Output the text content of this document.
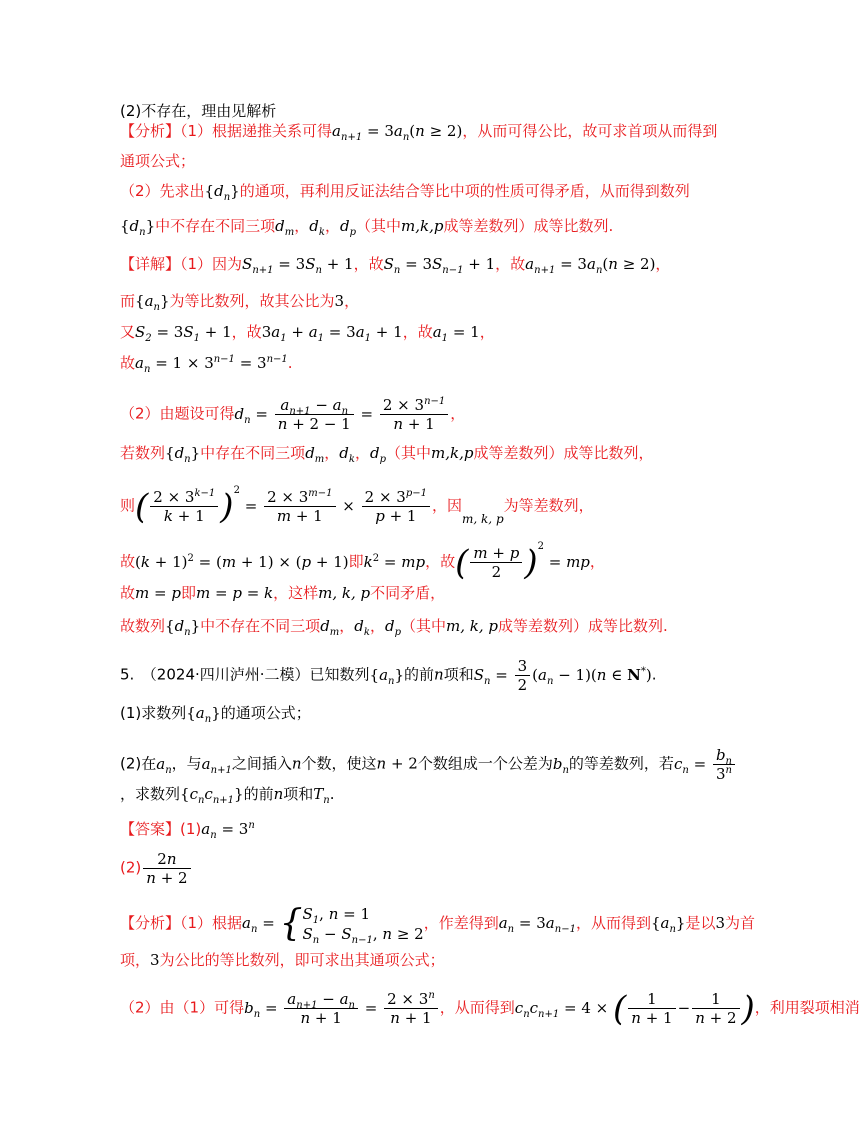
(2)不存在，理由见解析
【分析】（1）根据递推关系可得$a_{n+1} = 3a_n(n \ge 2)$，从而可得公比，故可求首项从而得到
通项公式；
（2）先求出$\{d_n\}$的通项，再利用反证法结合等比中项的性质可得矛盾，从而得到数列
$\{d_n\}$中不存在不同三项$d_m$，$d_k$，$d_p$（其中m,k,p成等差数列）成等比数列.
【详解】（1）因为$S_{n+1} = 3S_n + 1$，故$S_n = 3S_{n-1} + 1$，故$a_{n+1} = 3a_n(n \ge 2)$，
而$\{a_n\}$为等比数列，故其公比为3，
又$S_2 = 3S_1 + 1$，故$3a_1 + a_1 = 3a_1 + 1$，故$a_1 = 1$，
故$a_n = 1 \times 3^{n-1} = 3^{n-1}$.
（2）由题设可得$d_n = \frac{a_{n+1} - a_n}{n + 2 - 1} = \frac{2 \times 3^{n-1}}{n + 1}$ ，
若数列$\{d_n\}$中存在不同三项$d_m$，$d_k$，$d_p$（其中m,k,p成等差数列）成等比数列，
则( $\frac{2 \times 3^{k-1}}{k + 1} )^2 = \frac{2 \times 3^{m-1}}{m + 1} \times \frac{2 \times 3^{p-1}}{p + 1}$ ，因$_{m, k, p}$为等差数列，
故$(k + 1)^2 = (m + 1) \times (p + 1)$即$k^2$ = mp，故( $\frac{m + p}{2} )^2$ = mp，
故m = p即m = p = k，这样m, k, p不同矛盾，
故数列$\{d_n\}$中不存在不同三项$d_m$，$d_k$，$d_p$（其中m, k, p成等差数列）成等比数列.
5.　（2024·四川泸州·二模）已知数列$\{a_n\}$的前n项和$S_n = \frac{3}{2} (a_n - 1)(n$ ∈ N*).
(1)求数列$\{a_n\}$的通项公式；
(2)在$a_n$，与$a_{n+1}$之间插入n个数，使这n + 2个数组成一个公差为$b_n$的等差数列，若$c_n = \frac{b_n}{3^n}$
，求数列$\{c_nc_{n+1}\}$的前n项和$T_n$.
【答案】$(1)a_n = 3^n$
$(2) \frac{2n}{n + 2}$
【分析】（1）根据$a_n$ = { $S_1$, n = 1
$S_n - S_{n-1}$, n ≥ 2
，作差得到$a_n = 3a_{n-1}$，从而得到$\{a_n\}$是以3为首
项，3为公比的等比数列，即可求出其通项公式；
（2）由（1）可得$b_n = \frac{a_{n+1} - a_n}{n + 1} = \frac{2 \times 3^n}{n + 1}$ ，从而得到$c_nc_{n+1} = 4$ × ( $\frac{1}{n + 1} - \frac{1}{n + 2}$ )，利用裂项相消
